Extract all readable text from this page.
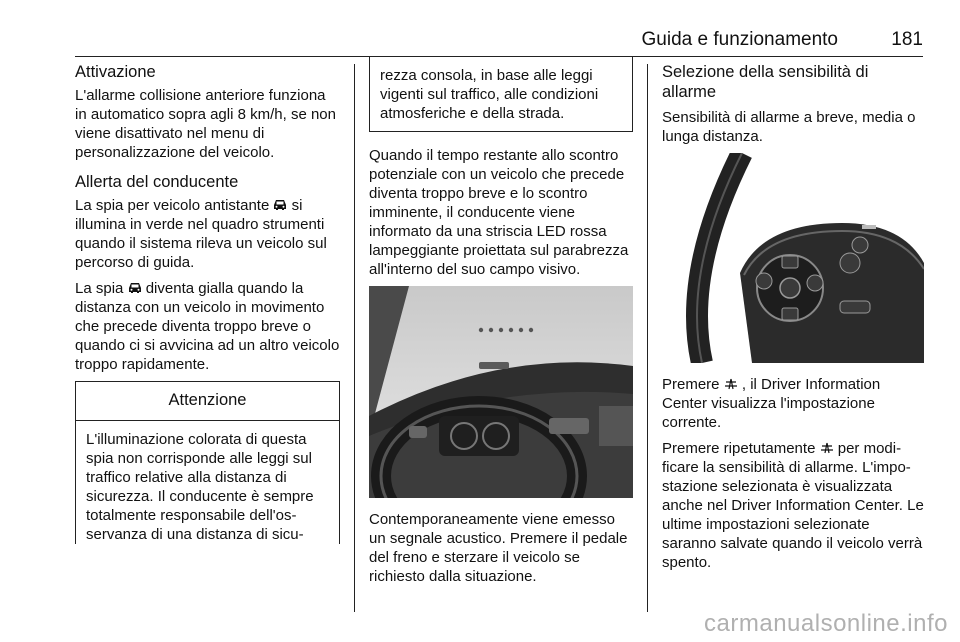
Guida e funzionamento	181
Attivazione

L'allarme collisione anteriore funziona in automatico sopra agli 8 km/h, se non viene disattivato nel menu di personalizzazione del veicolo.

Allerta del conducente

La spia per veicolo antistante si illumina in verde nel quadro strumenti quando il sistema rileva un veicolo sul percorso di guida.

La spia diventa gialla quando la distanza con un veicolo in movimento che precede diventa troppo breve o quando ci si avvicina ad un altro veicolo troppo rapidamente.

Attenzione

L'illuminazione colorata di questa spia non corrisponde alle leggi sul traffico relative alla distanza di sicurezza. Il conducente è sempre totalmente responsabile dell'os-servanza di una distanza di sicu-

rezza consola, in base alle leggi vigenti sul traffico, alle condizioni atmosferiche e della strada.

Quando il tempo restante allo scontro potenziale con un veicolo che precede diventa troppo breve e lo scontro imminente, il conducente viene informato da una striscia LED rossa lampeggiante proiettata sul parabrezza all'interno del suo campo visivo.

Contemporaneamente viene emesso un segnale acustico. Premere il pedale del freno e sterzare il veicolo se richiesto dalla situazione.

Selezione della sensibilità di allarme

Sensibilità di allarme a breve, media o lunga distanza.

Premere , il Driver Information Center visualizza l'impostazione corrente.

Premere ripetutamente per modi-ficare la sensibilità di allarme. L'impo-stazione selezionata è visualizzata anche nel Driver Information Center. Le ultime impostazioni selezionate saranno salvate quando il veicolo verrà spento.

carmanualsonline.info
